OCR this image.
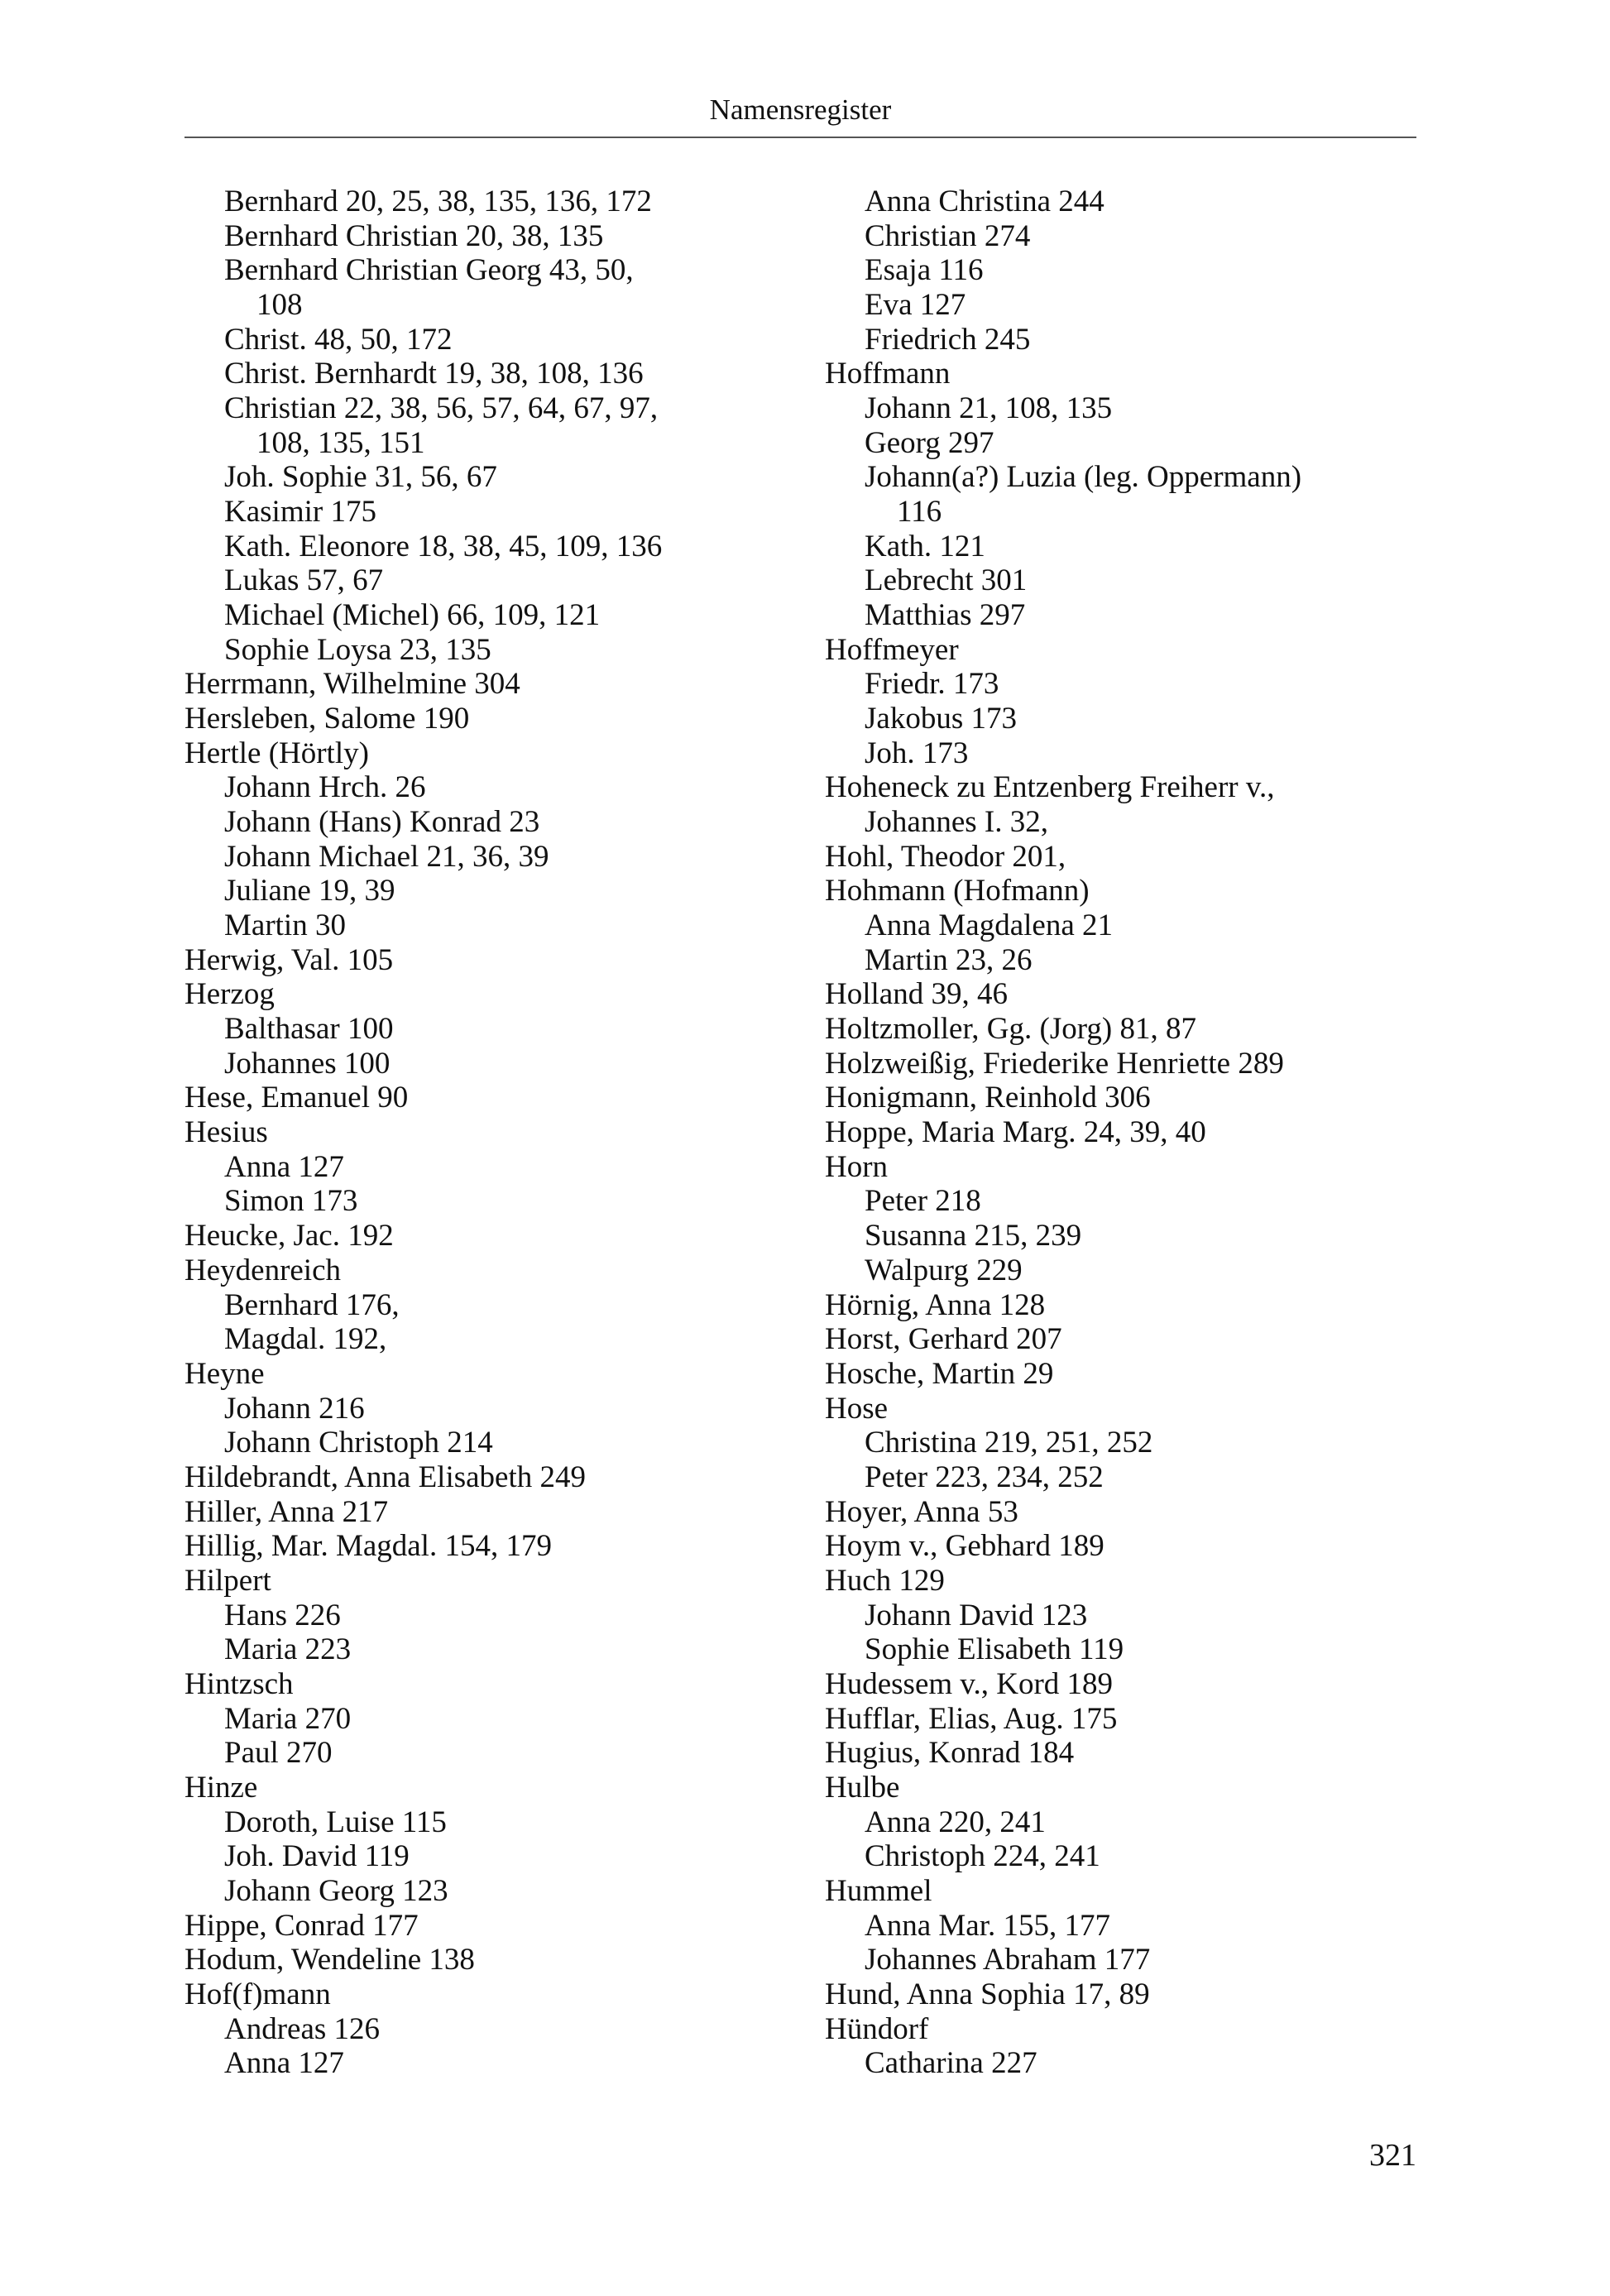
Namensregister
Bernhard 20, 25, 38, 135, 136, 172
Bernhard Christian 20, 38, 135
Bernhard Christian Georg 43, 50,
108
Christ. 48, 50, 172
Christ. Bernhardt 19, 38, 108, 136
Christian 22, 38, 56, 57, 64, 67, 97,
108, 135, 151
Joh. Sophie 31, 56, 67
Kasimir 175
Kath. Eleonore 18, 38, 45, 109, 136
Lukas 57, 67
Michael (Michel) 66, 109, 121
Sophie Loysa 23, 135
Herrmann, Wilhelmine 304
Hersleben, Salome 190
Hertle (Hörtly)
Johann Hrch. 26
Johann (Hans) Konrad 23
Johann Michael 21, 36, 39
Juliane 19, 39
Martin 30
Herwig, Val. 105
Herzog
Balthasar 100
Johannes 100
Hese, Emanuel 90
Hesius
Anna 127
Simon 173
Heucke, Jac. 192
Heydenreich
Bernhard 176,
Magdal. 192,
Heyne
Johann 216
Johann Christoph 214
Hildebrandt, Anna Elisabeth 249
Hiller, Anna 217
Hillig, Mar. Magdal. 154, 179
Hilpert
Hans 226
Maria 223
Hintzsch
Maria 270
Paul 270
Hinze
Doroth, Luise 115
Joh. David 119
Johann Georg 123
Hippe, Conrad 177
Hodum, Wendeline 138
Hof(f)mann
Andreas 126
Anna 127
Anna Christina 244
Christian 274
Esaja 116
Eva 127
Friedrich 245
Hoffmann
Johann 21, 108, 135
Georg 297
Johann(a?) Luzia (leg. Oppermann)
116
Kath. 121
Lebrecht 301
Matthias 297
Hoffmeyer
Friedr. 173
Jakobus 173
Joh. 173
Hoheneck zu Entzenberg Freiherr v.,
Johannes I. 32,
Hohl, Theodor 201,
Hohmann (Hofmann)
Anna Magdalena 21
Martin 23, 26
Holland 39, 46
Holtzmoller, Gg. (Jorg) 81, 87
Holzweißig, Friederike Henriette 289
Honigmann, Reinhold 306
Hoppe, Maria Marg. 24, 39, 40
Horn
Peter 218
Susanna 215, 239
Walpurg 229
Hörnig, Anna 128
Horst, Gerhard 207
Hosche, Martin 29
Hose
Christina 219, 251, 252
Peter 223, 234, 252
Hoyer, Anna 53
Hoym v., Gebhard 189
Huch 129
Johann David 123
Sophie Elisabeth 119
Hudessem v., Kord 189
Hufflar, Elias, Aug. 175
Hugius, Konrad 184
Hulbe
Anna 220, 241
Christoph 224, 241
Hummel
Anna Mar. 155, 177
Johannes Abraham 177
Hund, Anna Sophia 17, 89
Hündorf
Catharina 227
321
